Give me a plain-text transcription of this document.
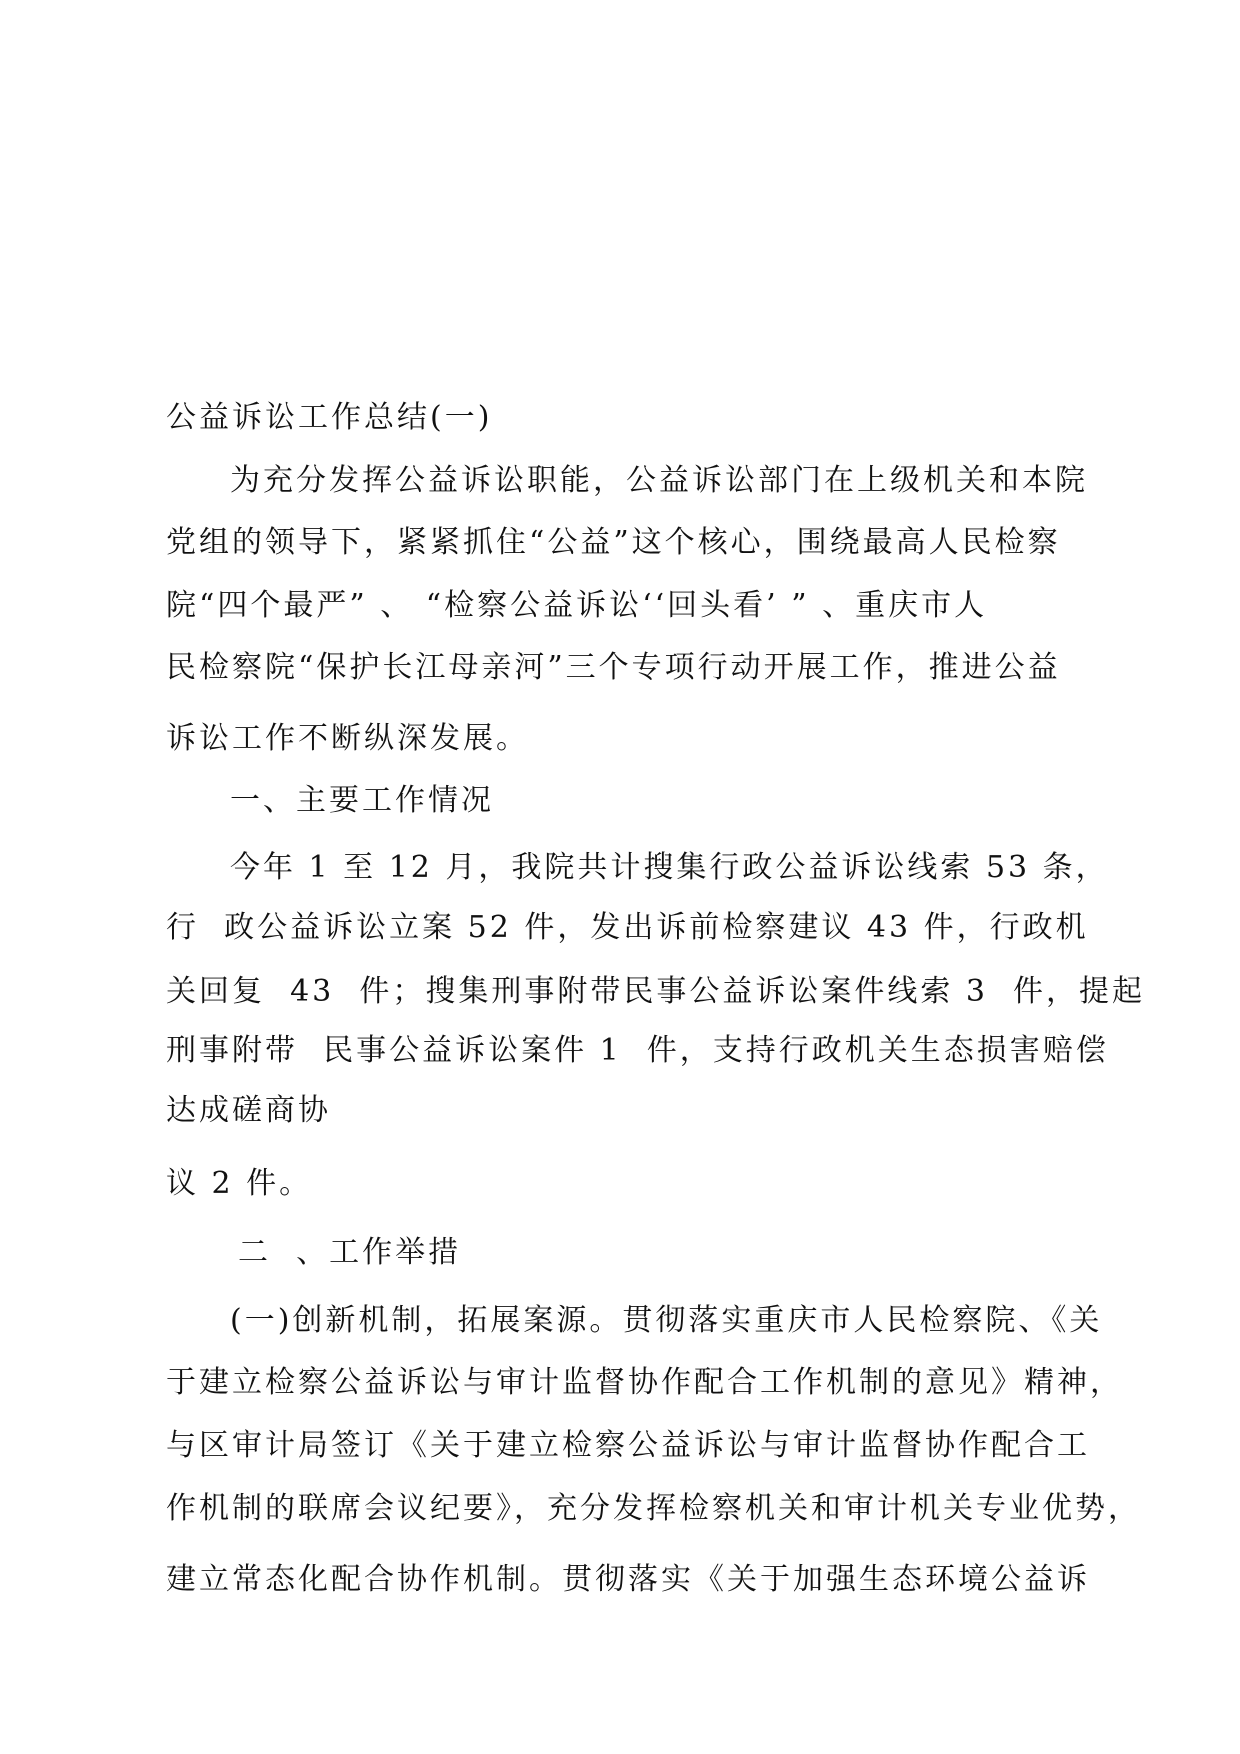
公益诉讼工作总结(一)
为充分发挥公益诉讼职能，公益诉讼部门在上级机关和本院
党组的领导下，紧紧抓住“公益”这个核心，围绕最高人民检察
院“四个最严” 、 “检察公益诉讼‘‘回头看’ ” 、重庆市人
民检察院“保护长江母亲河”三个专项行动开展工作，推进公益
诉讼工作不断纵深发展。
一、主要工作情况
今年 1 至 12 月，我院共计搜集行政公益诉讼线索 53 条，
行  政公益诉讼立案 52 件，发出诉前检察建议 43 件，行政机
关回复  43  件；搜集刑事附带民事公益诉讼案件线索 3  件，提起
刑事附带  民事公益诉讼案件 1  件，支持行政机关生态损害赔偿
达成磋商协
议 2 件。
二  、工作举措
(一)创新机制，拓展案源。贯彻落实重庆市人民检察院、《关
于建立检察公益诉讼与审计监督协作配合工作机制的意见》精神，
与区审计局签订《关于建立检察公益诉讼与审计监督协作配合工
作机制的联席会议纪要》，充分发挥检察机关和审计机关专业优势，
建立常态化配合协作机制。贯彻落实《关于加强生态环境公益诉
